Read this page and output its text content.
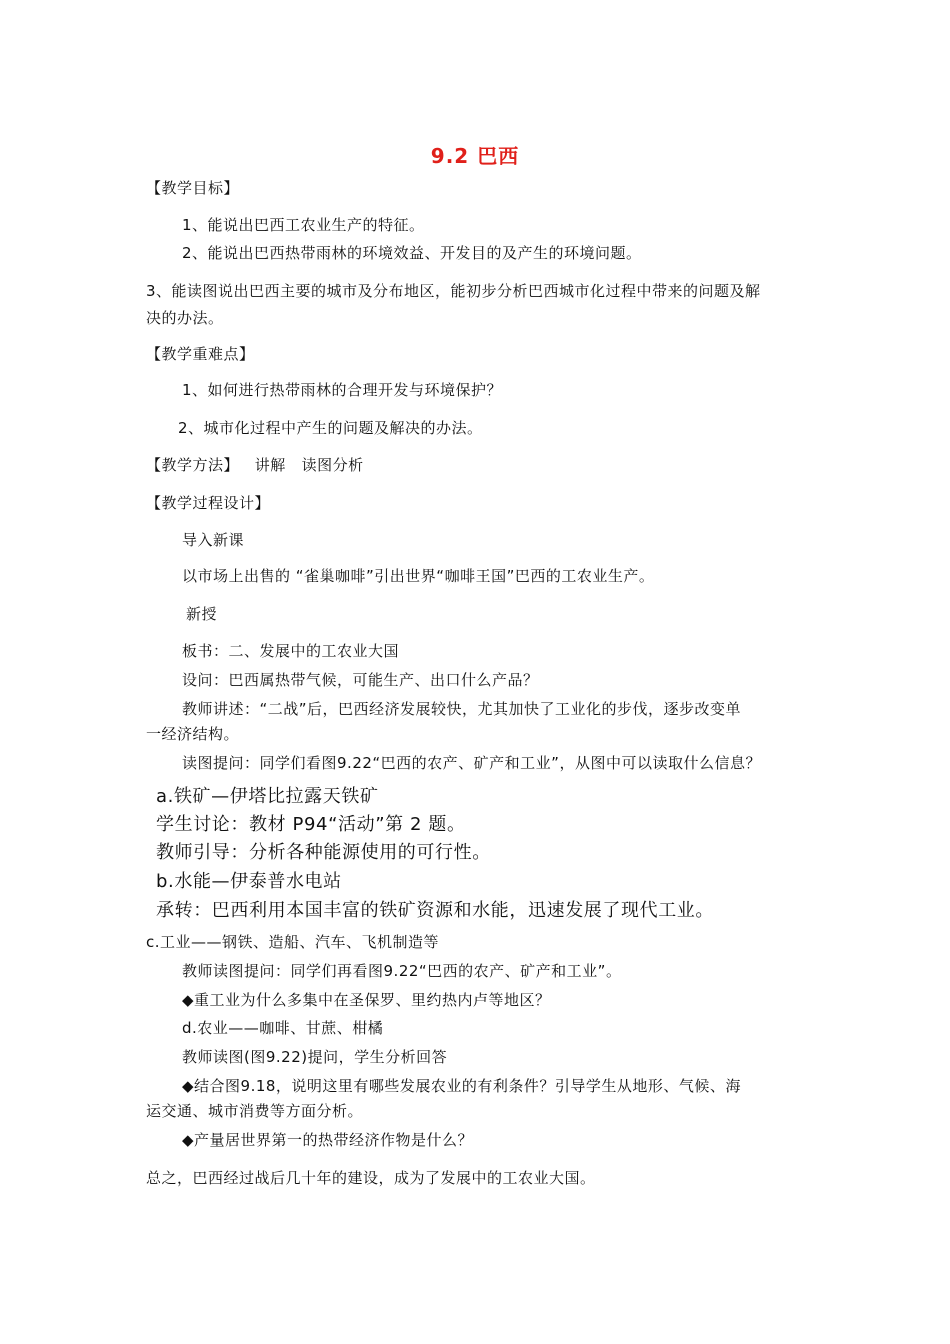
9.2 巴西
【教学目标】
1、能说出巴西工农业生产的特征。
2、能说出巴西热带雨林的环境效益、开发目的及产生的环境问题。
3、能读图说出巴西主要的城市及分布地区，能初步分析巴西城市化过程中带来的问题及解
决的办法。
【教学重难点】
1、如何进行热带雨林的合理开发与环境保护？
2、城市化过程中产生的问题及解决的办法。
【教学方法】   讲解   读图分析
【教学过程设计】
导入新课
以市场上出售的 “雀巢咖啡”引出世界“咖啡王国”巴西的工农业生产。
新授
板书：二、发展中的工农业大国
设问：巴西属热带气候，可能生产、出口什么产品？
教师讲述：“二战”后，巴西经济发展较快，尤其加快了工业化的步伐，逐步改变单
一经济结构。
读图提问：同学们看图9.22“巴西的农产、矿产和工业”，从图中可以读取什么信息？
a.铁矿—伊塔比拉露天铁矿
学生讨论：教材 P94“活动”第 2 题。
教师引导：分析各种能源使用的可行性。
b.水能—伊泰普水电站
承转：巴西利用本国丰富的铁矿资源和水能，迅速发展了现代工业。
c.工业——钢铁、造船、汽车、飞机制造等
教师读图提问：同学们再看图9.22“巴西的农产、矿产和工业”。
◆重工业为什么多集中在圣保罗、里约热内卢等地区？
d.农业——咖啡、甘蔗、柑橘
教师读图(图9.22)提问，学生分析回答
◆结合图9.18，说明这里有哪些发展农业的有利条件？引导学生从地形、气候、海
运交通、城市消费等方面分析。
◆产量居世界第一的热带经济作物是什么？
总之，巴西经过战后几十年的建设，成为了发展中的工农业大国。
